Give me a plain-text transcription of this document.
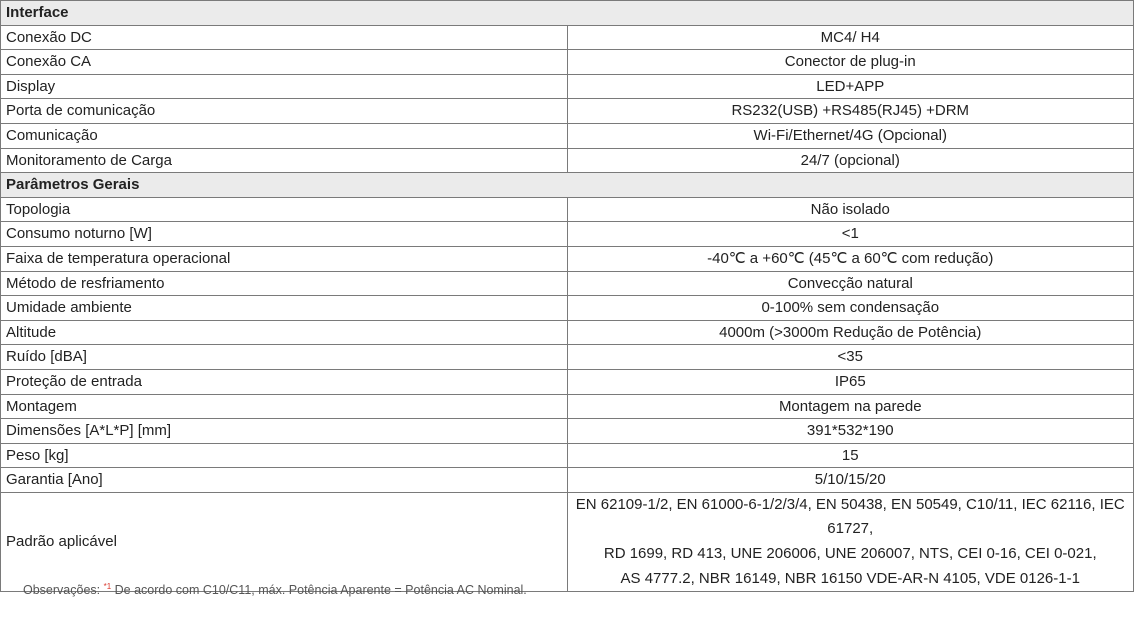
Interface	
Conexão DC	MC4/ H4
Conexão CA	Conector de plug-in
Display	LED+APP
Porta de comunicação	RS232(USB) +RS485(RJ45) +DRM
Comunicação	Wi-Fi/Ethernet/4G (Opcional)
Monitoramento de Carga	24/7 (opcional)
Parâmetros Gerais	
Topologia	Não isolado
Consumo noturno [W]	<1
Faixa de temperatura operacional	-40℃ a +60℃ (45℃ a 60℃ com redução)
Método de resfriamento	Convecção natural
Umidade ambiente	0-100% sem condensação
Altitude	4000m (>3000m Redução de Potência)
Ruído [dBA]	<35
Proteção de entrada	IP65
Montagem	Montagem na parede
Dimensões [A*L*P] [mm]	391*532*190
Peso [kg]	15
Garantia [Ano]	5/10/15/20
Padrão aplicável	EN 62109-1/2, EN 61000-6-1/2/3/4, EN 50438, EN 50549, C10/11, IEC 62116, IEC 61727,
RD 1699, RD 413, UNE 206006, UNE 206007, NTS, CEI 0-16, CEI 0-021,
AS 4777.2, NBR 16149, NBR 16150 VDE-AR-N 4105, VDE 0126-1-1
Observações: $^{*1}$ De acordo com C10/C11, máx. Potência Aparente = Potência AC Nominal.
